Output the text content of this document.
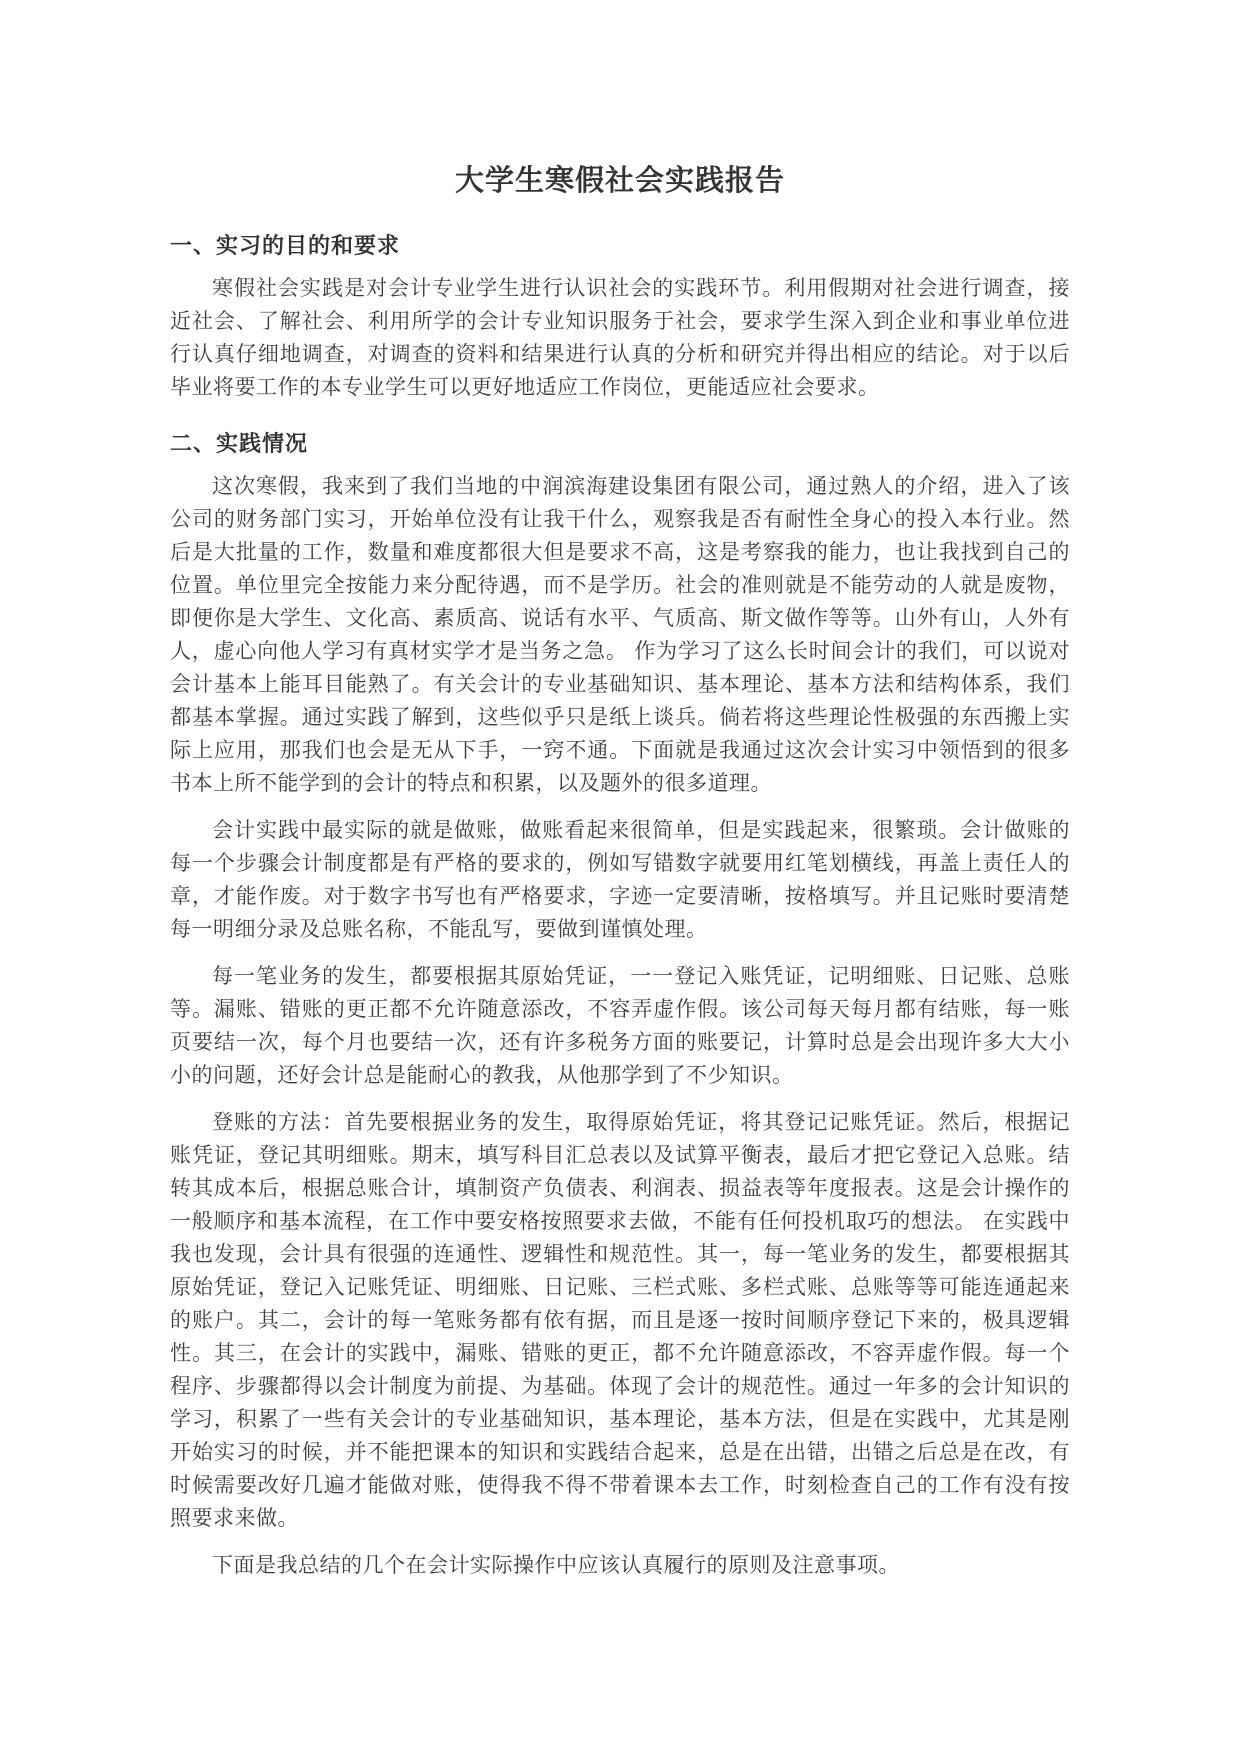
大学生寒假社会实践报告
一、实习的目的和要求

寒假社会实践是对会计专业学生进行认识社会的实践环节。利用假期对社会进行调查，接近社会、了解社会、利用所学的会计专业知识服务于社会，要求学生深入到企业和事业单位进行认真仔细地调查，对调查的资料和结果进行认真的分析和研究并得出相应的结论。对于以后毕业将要工作的本专业学生可以更好地适应工作岗位，更能适应社会要求。

二、实践情况

这次寒假，我来到了我们当地的中润滨海建设集团有限公司，通过熟人的介绍，进入了该公司的财务部门实习，开始单位没有让我干什么，观察我是否有耐性全身心的投入本行业。然后是大批量的工作，数量和难度都很大但是要求不高，这是考察我的能力，也让我找到自己的位置。单位里完全按能力来分配待遇，而不是学历。社会的准则就是不能劳动的人就是废物，即便你是大学生、文化高、素质高、说话有水平、气质高、斯文做作等等。山外有山，人外有人，虚心向他人学习有真材实学才是当务之急。 作为学习了这么长时间会计的我们，可以说对会计基本上能耳目能熟了。有关会计的专业基础知识、基本理论、基本方法和结构体系，我们都基本掌握。通过实践了解到，这些似乎只是纸上谈兵。倘若将这些理论性极强的东西搬上实际上应用，那我们也会是无从下手，一窍不通。下面就是我通过这次会计实习中领悟到的很多书本上所不能学到的会计的特点和积累，以及题外的很多道理。

会计实践中最实际的就是做账，做账看起来很简单，但是实践起来，很繁琐。会计做账的每一个步骤会计制度都是有严格的要求的，例如写错数字就要用红笔划横线，再盖上责任人的章，才能作废。对于数字书写也有严格要求，字迹一定要清晰，按格填写。并且记账时要清楚每一明细分录及总账名称，不能乱写，要做到谨慎处理。

每一笔业务的发生，都要根据其原始凭证，一一登记入账凭证，记明细账、日记账、总账等。漏账、错账的更正都不允许随意添改，不容弄虚作假。该公司每天每月都有结账，每一账页要结一次，每个月也要结一次，还有许多税务方面的账要记，计算时总是会出现许多大大小小的问题，还好会计总是能耐心的教我，从他那学到了不少知识。

登账的方法：首先要根据业务的发生，取得原始凭证，将其登记记账凭证。然后，根据记账凭证，登记其明细账。期末，填写科目汇总表以及试算平衡表，最后才把它登记入总账。结转其成本后，根据总账合计，填制资产负债表、利润表、损益表等年度报表。这是会计操作的一般顺序和基本流程，在工作中要安格按照要求去做，不能有任何投机取巧的想法。 在实践中我也发现，会计具有很强的连通性、逻辑性和规范性。其一，每一笔业务的发生，都要根据其原始凭证，登记入记账凭证、明细账、日记账、三栏式账、多栏式账、总账等等可能连通起来的账户。其二，会计的每一笔账务都有依有据，而且是逐一按时间顺序登记下来的，极具逻辑性。其三，在会计的实践中，漏账、错账的更正，都不允许随意添改，不容弄虚作假。每一个程序、步骤都得以会计制度为前提、为基础。体现了会计的规范性。通过一年多的会计知识的学习，积累了一些有关会计的专业基础知识，基本理论，基本方法，但是在实践中，尤其是刚开始实习的时候，并不能把课本的知识和实践结合起来，总是在出错，出错之后总是在改，有时候需要改好几遍才能做对账，使得我不得不带着课本去工作，时刻检查自己的工作有没有按照要求来做。

下面是我总结的几个在会计实际操作中应该认真履行的原则及注意事项。
